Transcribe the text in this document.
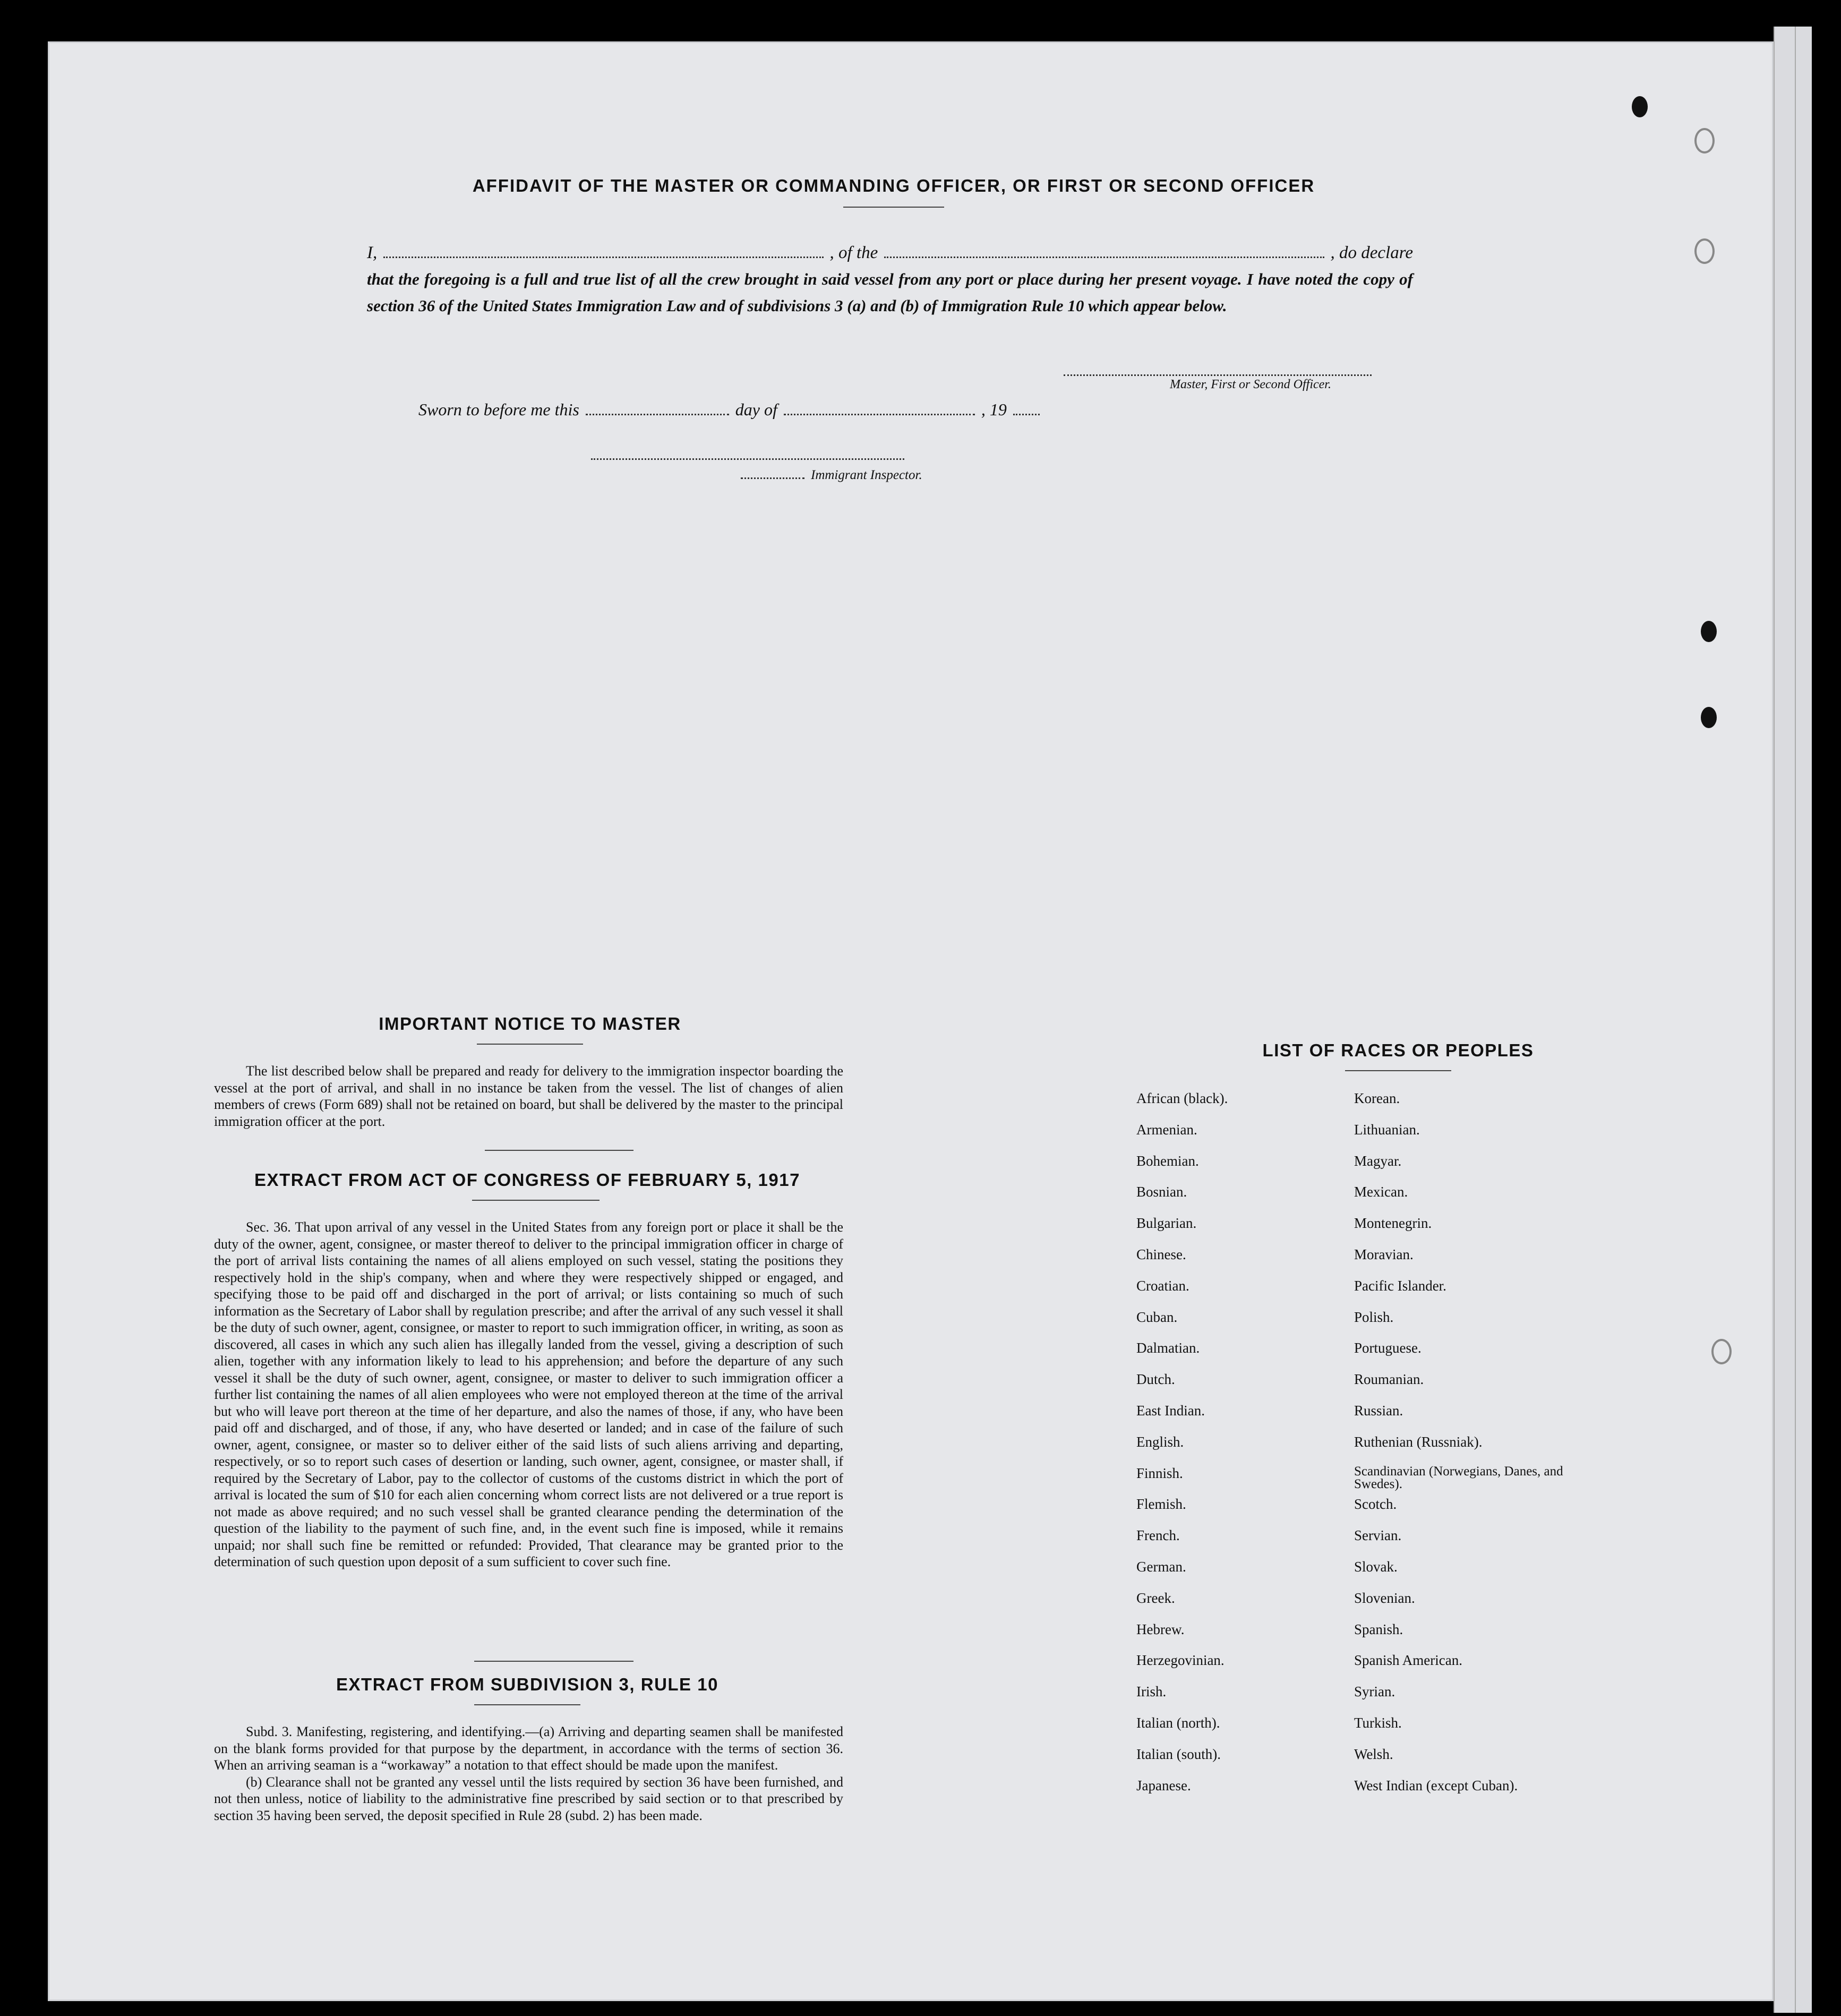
AFFIDAVIT OF THE MASTER OR COMMANDING OFFICER, OR FIRST OR SECOND OFFICER
I,	, of the	, do declare
that the foregoing is a full and true list of all the crew brought in said vessel from any port or place during her present voyage. I have noted the copy of section 36 of the United States Immigration Law and of subdivisions 3 (a) and (b) of Immigration Rule 10 which appear below.
Master, First or Second Officer.
Sworn to before me this	day of	, 19
Immigrant Inspector.
IMPORTANT NOTICE TO MASTER
The list described below shall be prepared and ready for delivery to the immigration inspector boarding the vessel at the port of arrival, and shall in no instance be taken from the vessel. The list of changes of alien members of crews (Form 689) shall not be retained on board, but shall be delivered by the master to the principal immigration officer at the port.
EXTRACT FROM ACT OF CONGRESS OF FEBRUARY 5, 1917
Sec. 36. That upon arrival of any vessel in the United States from any foreign port or place it shall be the duty of the owner, agent, consignee, or master thereof to deliver to the principal immigration officer in charge of the port of arrival lists containing the names of all aliens employed on such vessel, stating the positions they respectively hold in the ship's company, when and where they were respectively shipped or engaged, and specifying those to be paid off and discharged in the port of arrival; or lists containing so much of such information as the Secretary of Labor shall by regulation prescribe; and after the arrival of any such vessel it shall be the duty of such owner, agent, consignee, or master to report to such immigration officer, in writing, as soon as discovered, all cases in which any such alien has illegally landed from the vessel, giving a description of such alien, together with any information likely to lead to his apprehension; and before the departure of any such vessel it shall be the duty of such owner, agent, consignee, or master to deliver to such immigration officer a further list containing the names of all alien employees who were not employed thereon at the time of the arrival but who will leave port thereon at the time of her departure, and also the names of those, if any, who have been paid off and discharged, and of those, if any, who have deserted or landed; and in case of the failure of such owner, agent, consignee, or master so to deliver either of the said lists of such aliens arriving and departing, respectively, or so to report such cases of desertion or landing, such owner, agent, consignee, or master shall, if required by the Secretary of Labor, pay to the collector of customs of the customs district in which the port of arrival is located the sum of $10 for each alien concerning whom correct lists are not delivered or a true report is not made as above required; and no such vessel shall be granted clearance pending the determination of the question of the liability to the payment of such fine, and, in the event such fine is imposed, while it remains unpaid; nor shall such fine be remitted or refunded: Provided, That clearance may be granted prior to the determination of such question upon deposit of a sum sufficient to cover such fine.
EXTRACT FROM SUBDIVISION 3, RULE 10

Subd. 3. Manifesting, registering, and identifying.—(a) Arriving and departing seamen shall be manifested on the blank forms provided for that purpose by the department, in accordance with the terms of section 36. When an arriving seaman is a “workaway” a notation to that effect should be made upon the manifest.

(b) Clearance shall not be granted any vessel until the lists required by section 36 have been furnished, and not then unless, notice of liability to the administrative fine prescribed by said section or to that prescribed by section 35 having been served, the deposit specified in Rule 28 (subd. 2) has been made.

LIST OF RACES OR PEOPLES
African (black).	Korean.
Armenian.	Lithuanian.
Bohemian.	Magyar.
Bosnian.	Mexican.
Bulgarian.	Montenegrin.
Chinese.	Moravian.
Croatian.	Pacific Islander.
Cuban.	Polish.
Dalmatian.	Portuguese.
Dutch.	Roumanian.
East Indian.	Russian.
English.	Ruthenian (Russniak).
Finnish.	Scandinavian (Norwegians, Danes, and Swedes).
Flemish.	Scotch.
French.	Servian.
German.	Slovak.
Greek.	Slovenian.
Hebrew.	Spanish.
Herzegovinian.	Spanish American.
Irish.	Syrian.
Italian (north).	Turkish.
Italian (south).	Welsh.
Japanese.	West Indian (except Cuban).
